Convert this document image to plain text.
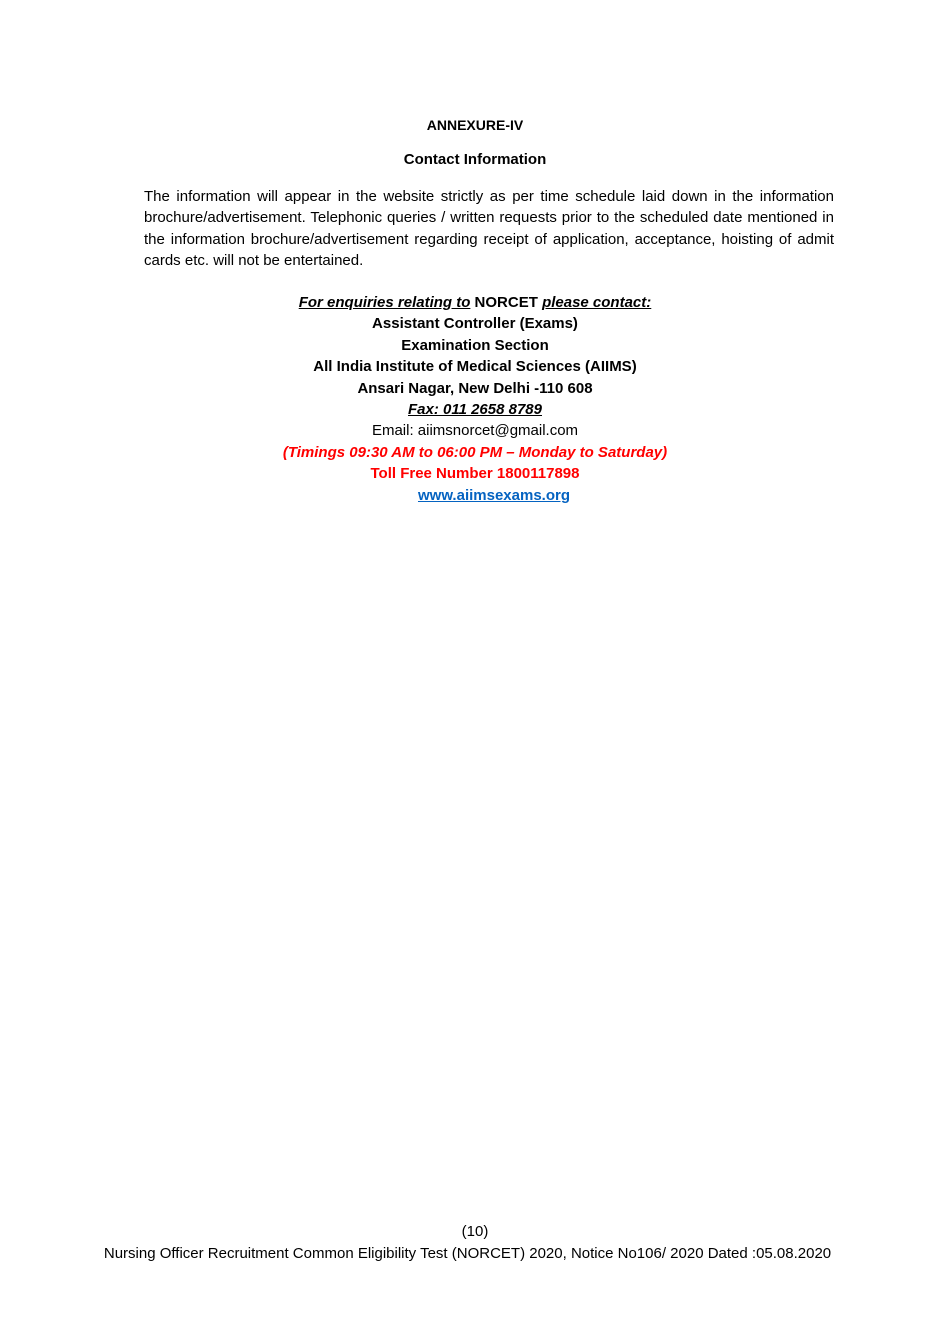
ANNEXURE-IV
Contact Information
The information will appear in the website strictly as per time schedule laid down in the information brochure/advertisement. Telephonic queries / written requests prior to the scheduled date mentioned in the information brochure/advertisement regarding receipt of application, acceptance, hoisting of admit cards etc. will not be entertained.
For enquiries relating to NORCET please contact:
Assistant Controller (Exams)
Examination Section
All India Institute of Medical Sciences (AIIMS)
Ansari Nagar, New Delhi -110 608
Fax: 011 2658 8789
Email: aiimsnorcet@gmail.com
(Timings 09:30 AM to 06:00 PM – Monday to Saturday)
Toll Free Number 1800117898
www.aiimsexams.org
(10)
Nursing Officer Recruitment Common Eligibility Test (NORCET) 2020, Notice No106/ 2020 Dated :05.08.2020
